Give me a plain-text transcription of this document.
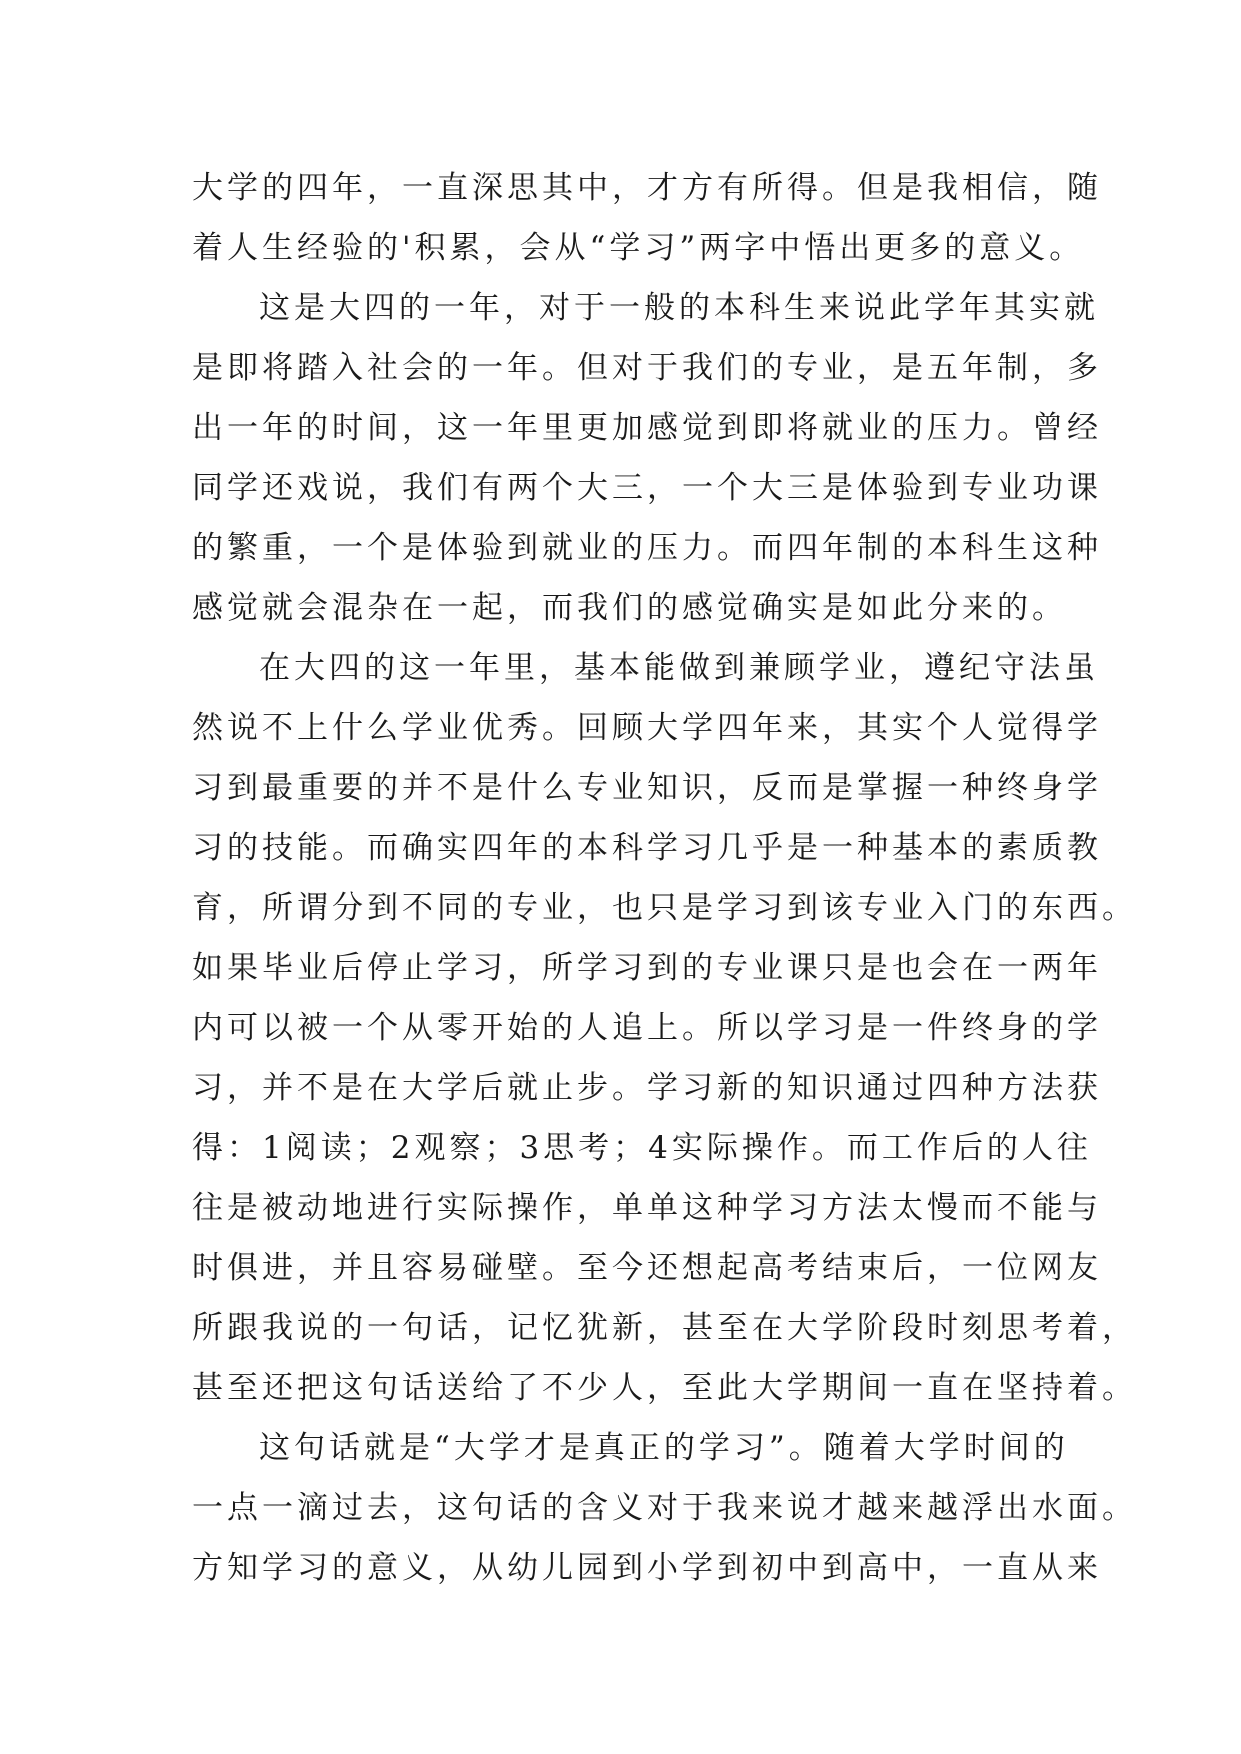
大学的四年，一直深思其中，才方有所得。但是我相信，随
着人生经验的'积累，会从“学习”两字中悟出更多的意义。
这是大四的一年，对于一般的本科生来说此学年其实就
是即将踏入社会的一年。但对于我们的专业，是五年制，多
出一年的时间，这一年里更加感觉到即将就业的压力。曾经
同学还戏说，我们有两个大三，一个大三是体验到专业功课
的繁重，一个是体验到就业的压力。而四年制的本科生这种
感觉就会混杂在一起，而我们的感觉确实是如此分来的。
在大四的这一年里，基本能做到兼顾学业，遵纪守法虽
然说不上什么学业优秀。回顾大学四年来，其实个人觉得学
习到最重要的并不是什么专业知识，反而是掌握一种终身学
习的技能。而确实四年的本科学习几乎是一种基本的素质教
育，所谓分到不同的专业，也只是学习到该专业入门的东西。
如果毕业后停止学习，所学习到的专业课只是也会在一两年
内可以被一个从零开始的人追上。所以学习是一件终身的学
习，并不是在大学后就止步。学习新的知识通过四种方法获
得：1阅读；2观察；3思考；4实际操作。而工作后的人往
往是被动地进行实际操作，单单这种学习方法太慢而不能与
时俱进，并且容易碰壁。至今还想起高考结束后，一位网友
所跟我说的一句话，记忆犹新，甚至在大学阶段时刻思考着，
甚至还把这句话送给了不少人，至此大学期间一直在坚持着。
这句话就是“大学才是真正的学习”。随着大学时间的
一点一滴过去，这句话的含义对于我来说才越来越浮出水面。
方知学习的意义，从幼儿园到小学到初中到高中，一直从来
